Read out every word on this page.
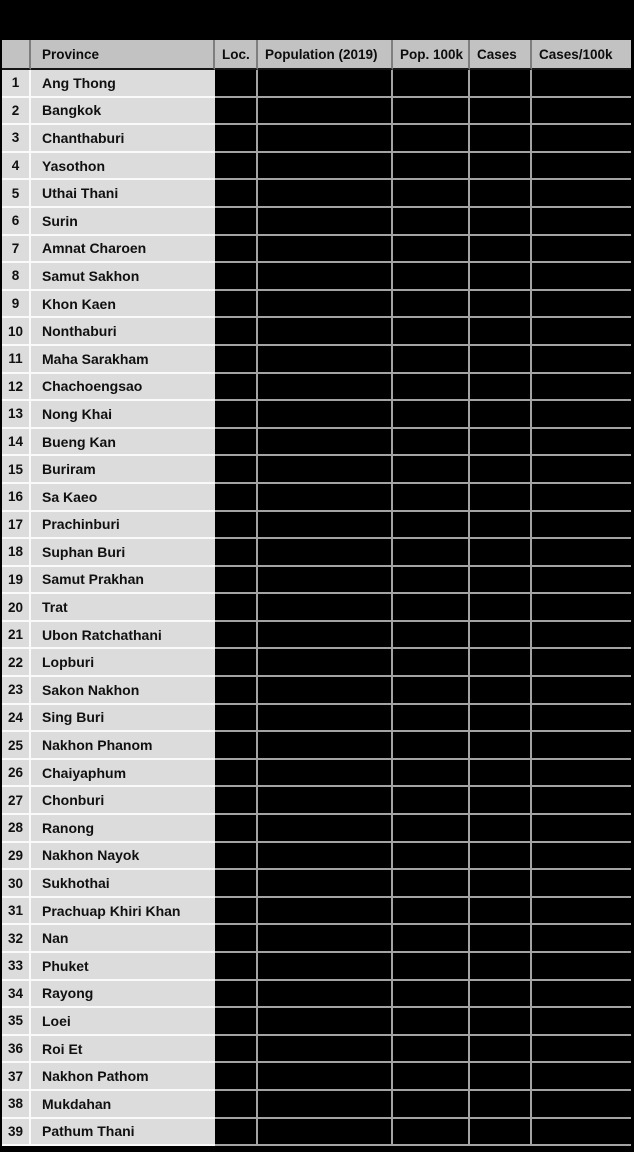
	Province	Loc.	Population (2019)	Pop. 100k	Cases	Cases/100k
1	Ang Thong					
2	Bangkok					
3	Chanthaburi					
4	Yasothon					
5	Uthai Thani					
6	Surin					
7	Amnat Charoen					
8	Samut Sakhon					
9	Khon Kaen					
10	Nonthaburi					
11	Maha Sarakham					
12	Chachoengsao					
13	Nong Khai					
14	Bueng Kan					
15	Buriram					
16	Sa Kaeo					
17	Prachinburi					
18	Suphan Buri					
19	Samut Prakhan					
20	Trat					
21	Ubon Ratchathani					
22	Lopburi					
23	Sakon Nakhon					
24	Sing Buri					
25	Nakhon Phanom					
26	Chaiyaphum					
27	Chonburi					
28	Ranong					
29	Nakhon Nayok					
30	Sukhothai					
31	Prachuap Khiri Khan					
32	Nan					
33	Phuket					
34	Rayong					
35	Loei					
36	Roi Et					
37	Nakhon Pathom					
38	Mukdahan					
39	Pathum Thani					
